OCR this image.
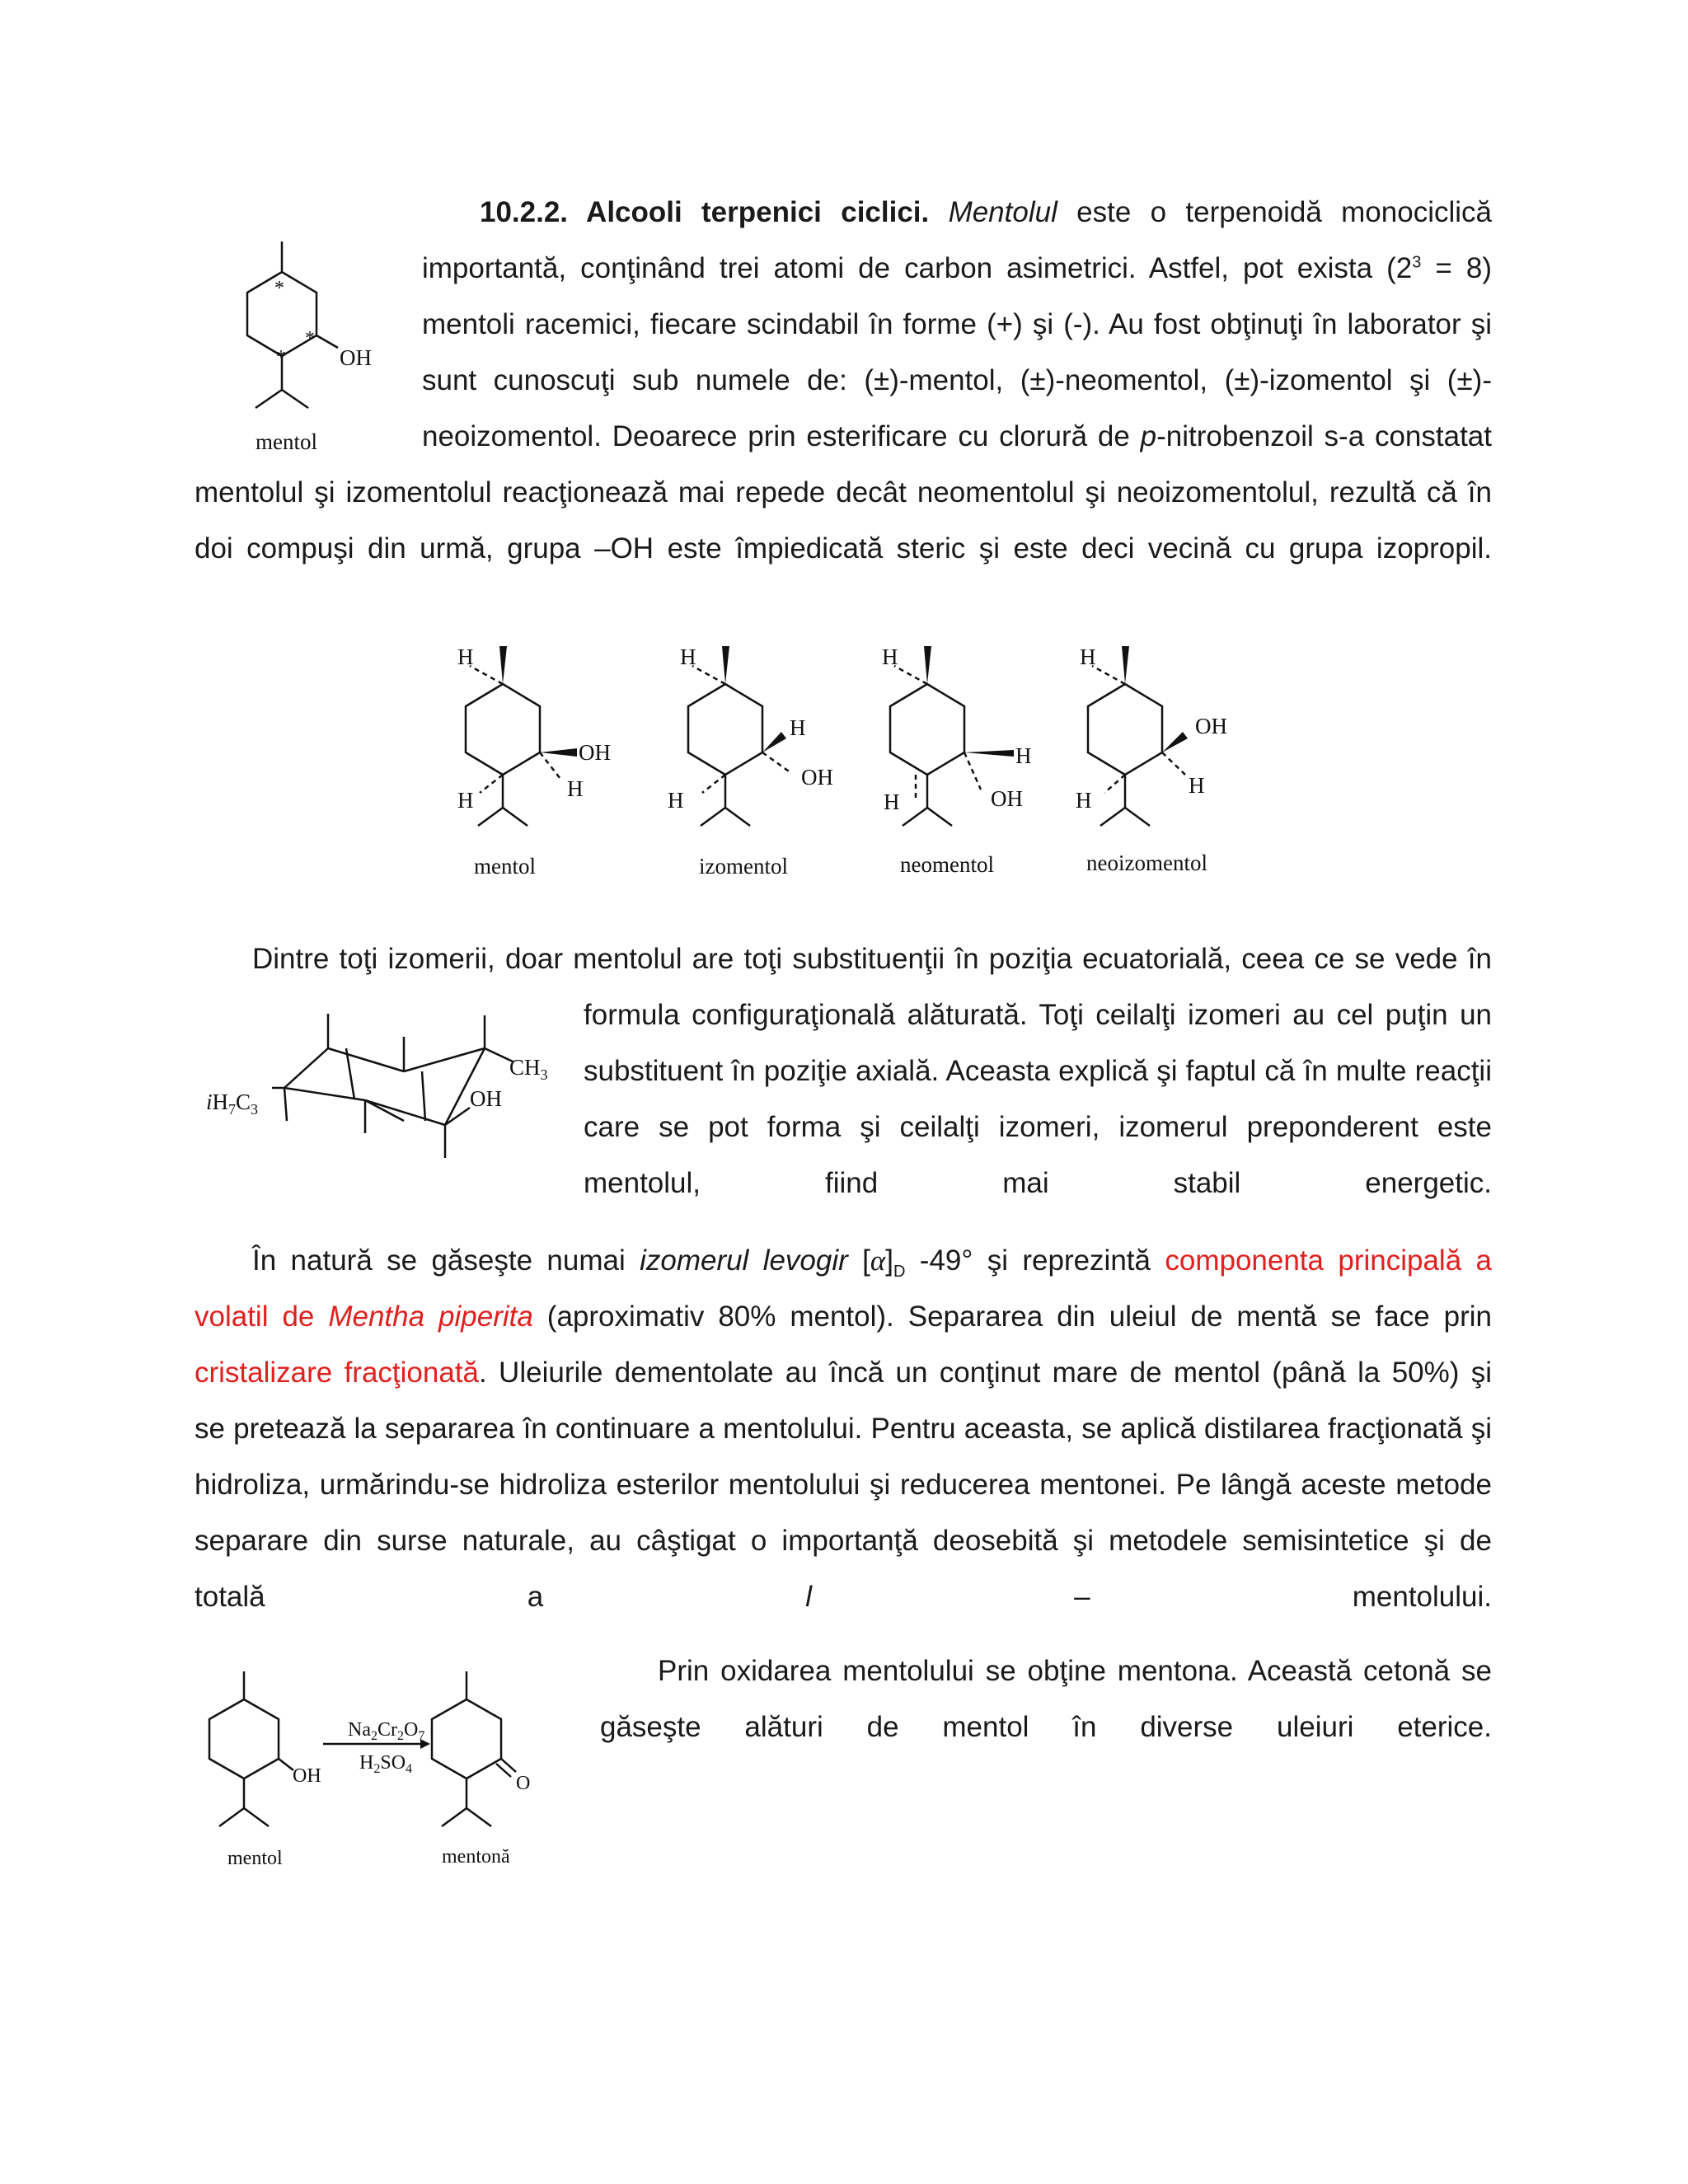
10.2.2. Alcooli terpenici ciclici. Mentolul este o terpenoidă monociclică
importantă, conţinând trei atomi de carbon asimetrici. Astfel, pot exista $(2^3 = 8)$
mentoli racemici, fiecare scindabil în forme (+) şi (-). Au fost obţinuţi în laborator şi
sunt cunoscuţi sub numele de: (±)-mentol, (±)-neomentol, (±)-izomentol şi (±)-
neoizomentol. Deoarece prin esterificare cu clorură de p-nitrobenzoil s-a constatat
mentolul şi izomentolul reacţionează mai repede decât neomentolul şi neoizomentolul, rezultă că în
doi compuşi din urmă, grupa –OH este împiedicată steric şi este deci vecină cu grupa izopropil.
*
*
* OH
mentol
H
H
OH
H
mentol
H
H
H
OH
izomentol
H
H
H
OH
neomentol
H
H
OH
H
neoizomentol
Dintre toţi izomerii, doar mentolul are toţi substituenţii în poziţia ecuatorială, ceea ce se vede în
formula configuraţională alăturată. Toţi ceilalţi izomeri au cel puţin un
substituent în poziţie axială. Aceasta explică şi faptul că în multe reacţii
care se pot forma şi ceilalţi izomeri, izomerul preponderent este
mentolul, fiind mai stabil energetic.
$CH_3$
OH
$iH_7C_3$
În natură se găseşte numai izomerul levogir $[\alpha]_D$ -49° şi reprezintă componenta principală a
volatil de Mentha piperita (aproximativ 80% mentol). Separarea din uleiul de mentă se face prin
cristalizare fracţionată. Uleiurile dementolate au încă un conţinut mare de mentol (până la 50%) şi
se pretează la separarea în continuare a mentolului. Pentru aceasta, se aplică distilarea fracţionată şi
hidroliza, urmărindu-se hidroliza esterilor mentolului şi reducerea mentonei. Pe lângă aceste metode
separare din surse naturale, au câştigat o importanţă deosebită şi metodele semisintetice şi de
totală a l – mentolului.
Prin oxidarea mentolului se obţine mentona. Această cetonă se
găseşte alături de mentol în diverse uleiuri eterice.
OH	O
$Na_2Cr_2O_7$
$H_2SO_4$
mentol	mentonă
